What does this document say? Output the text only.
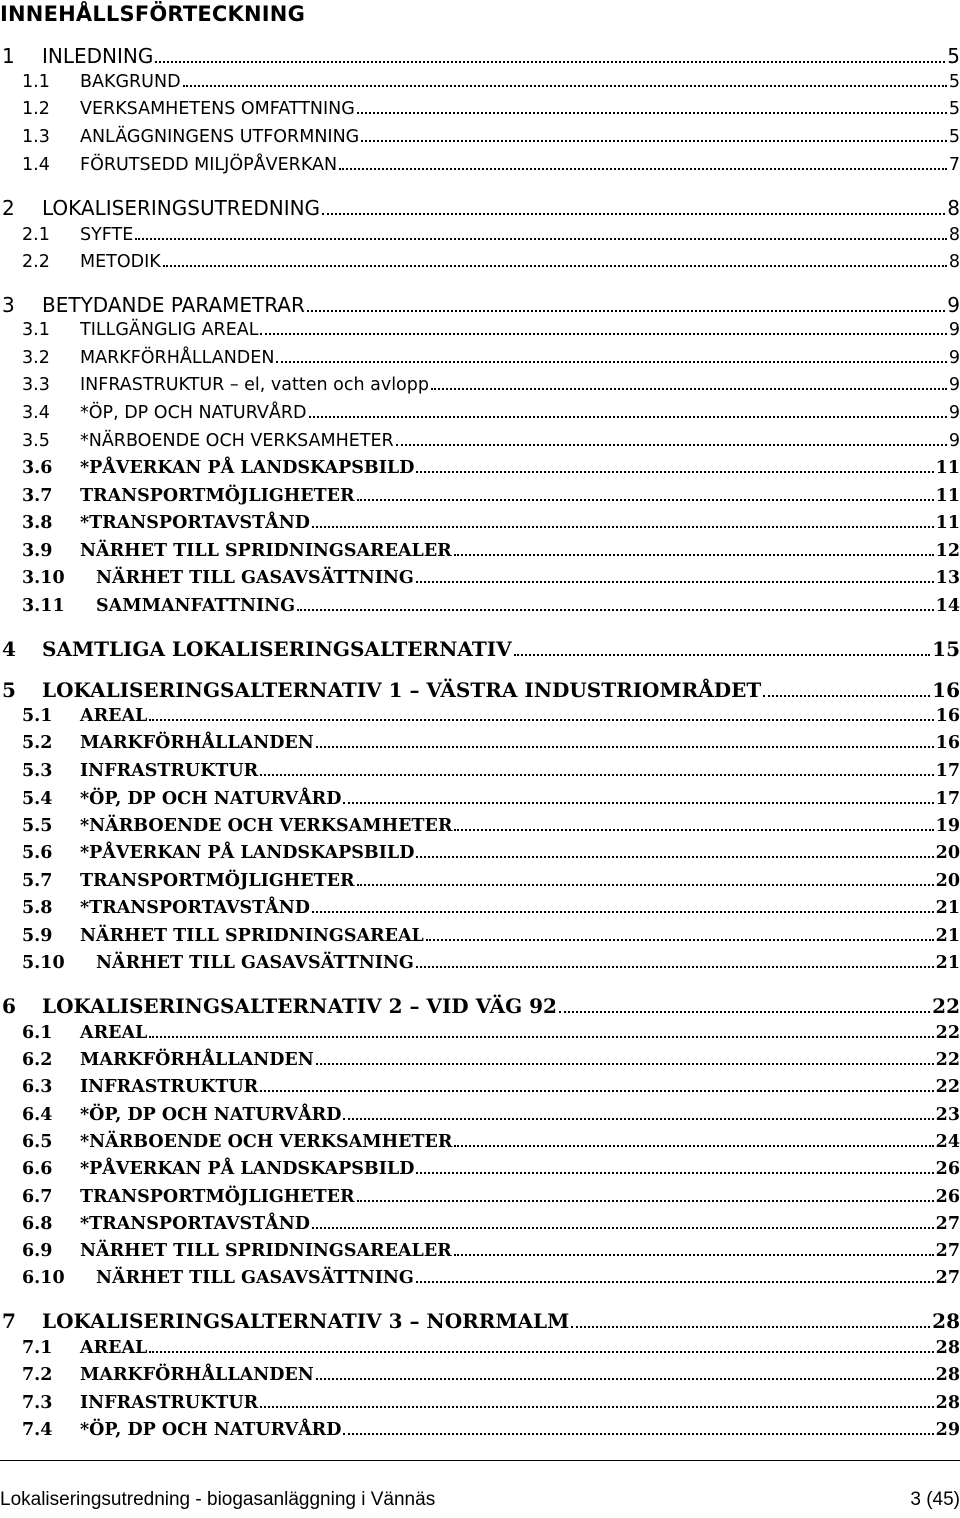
INNEHÅLLSFÖRTECKNING
1	INLEDNING	5
1.1	BAKGRUND	5
1.2	VERKSAMHETENS OMFATTNING	5
1.3	ANLÄGGNINGENS UTFORMNING	5
1.4	FÖRUTSEDD MILJÖPÅVERKAN	7
2	LOKALISERINGSUTREDNING	8
2.1	SYFTE	8
2.2	METODIK	8
3	BETYDANDE PARAMETRAR	9
3.1	TILLGÄNGLIG AREAL	9
3.2	MARKFÖRHÅLLANDEN	9
3.3	INFRASTRUKTUR – el, vatten och avlopp	9
3.4	*ÖP, DP OCH NATURVÅRD	9
3.5	*NÄRBOENDE OCH VERKSAMHETER	9
3.6	*PÅVERKAN PÅ LANDSKAPSBILD	11
3.7	TRANSPORTMÖJLIGHETER	11
3.8	*TRANSPORTAVSTÅND	11
3.9	NÄRHET TILL SPRIDNINGSAREALER	12
3.10	NÄRHET TILL GASAVSÄTTNING	13
3.11	SAMMANFATTNING	14
4	SAMTLIGA LOKALISERINGSALTERNATIV	15
5	LOKALISERINGSALTERNATIV 1 – VÄSTRA INDUSTRIOMRÅDET	16
5.1	AREAL	16
5.2	MARKFÖRHÅLLANDEN	16
5.3	INFRASTRUKTUR	17
5.4	*ÖP, DP OCH NATURVÅRD	17
5.5	*NÄRBOENDE OCH VERKSAMHETER	19
5.6	*PÅVERKAN PÅ LANDSKAPSBILD	20
5.7	TRANSPORTMÖJLIGHETER	20
5.8	*TRANSPORTAVSTÅND	21
5.9	NÄRHET TILL SPRIDNINGSAREAL	21
5.10	NÄRHET TILL GASAVSÄTTNING	21
6	LOKALISERINGSALTERNATIV 2 – VID VÄG 92	22
6.1	AREAL	22
6.2	MARKFÖRHÅLLANDEN	22
6.3	INFRASTRUKTUR	22
6.4	*ÖP, DP OCH NATURVÅRD	23
6.5	*NÄRBOENDE OCH VERKSAMHETER	24
6.6	*PÅVERKAN PÅ LANDSKAPSBILD	26
6.7	TRANSPORTMÖJLIGHETER	26
6.8	*TRANSPORTAVSTÅND	27
6.9	NÄRHET TILL SPRIDNINGSAREALER	27
6.10	NÄRHET TILL GASAVSÄTTNING	27
7	LOKALISERINGSALTERNATIV 3 – NORRMALM	28
7.1	AREAL	28
7.2	MARKFÖRHÅLLANDEN	28
7.3	INFRASTRUKTUR	28
7.4	*ÖP, DP OCH NATURVÅRD	29
Lokaliseringsutredning - biogasanläggning i Vännäs	3 (45)
